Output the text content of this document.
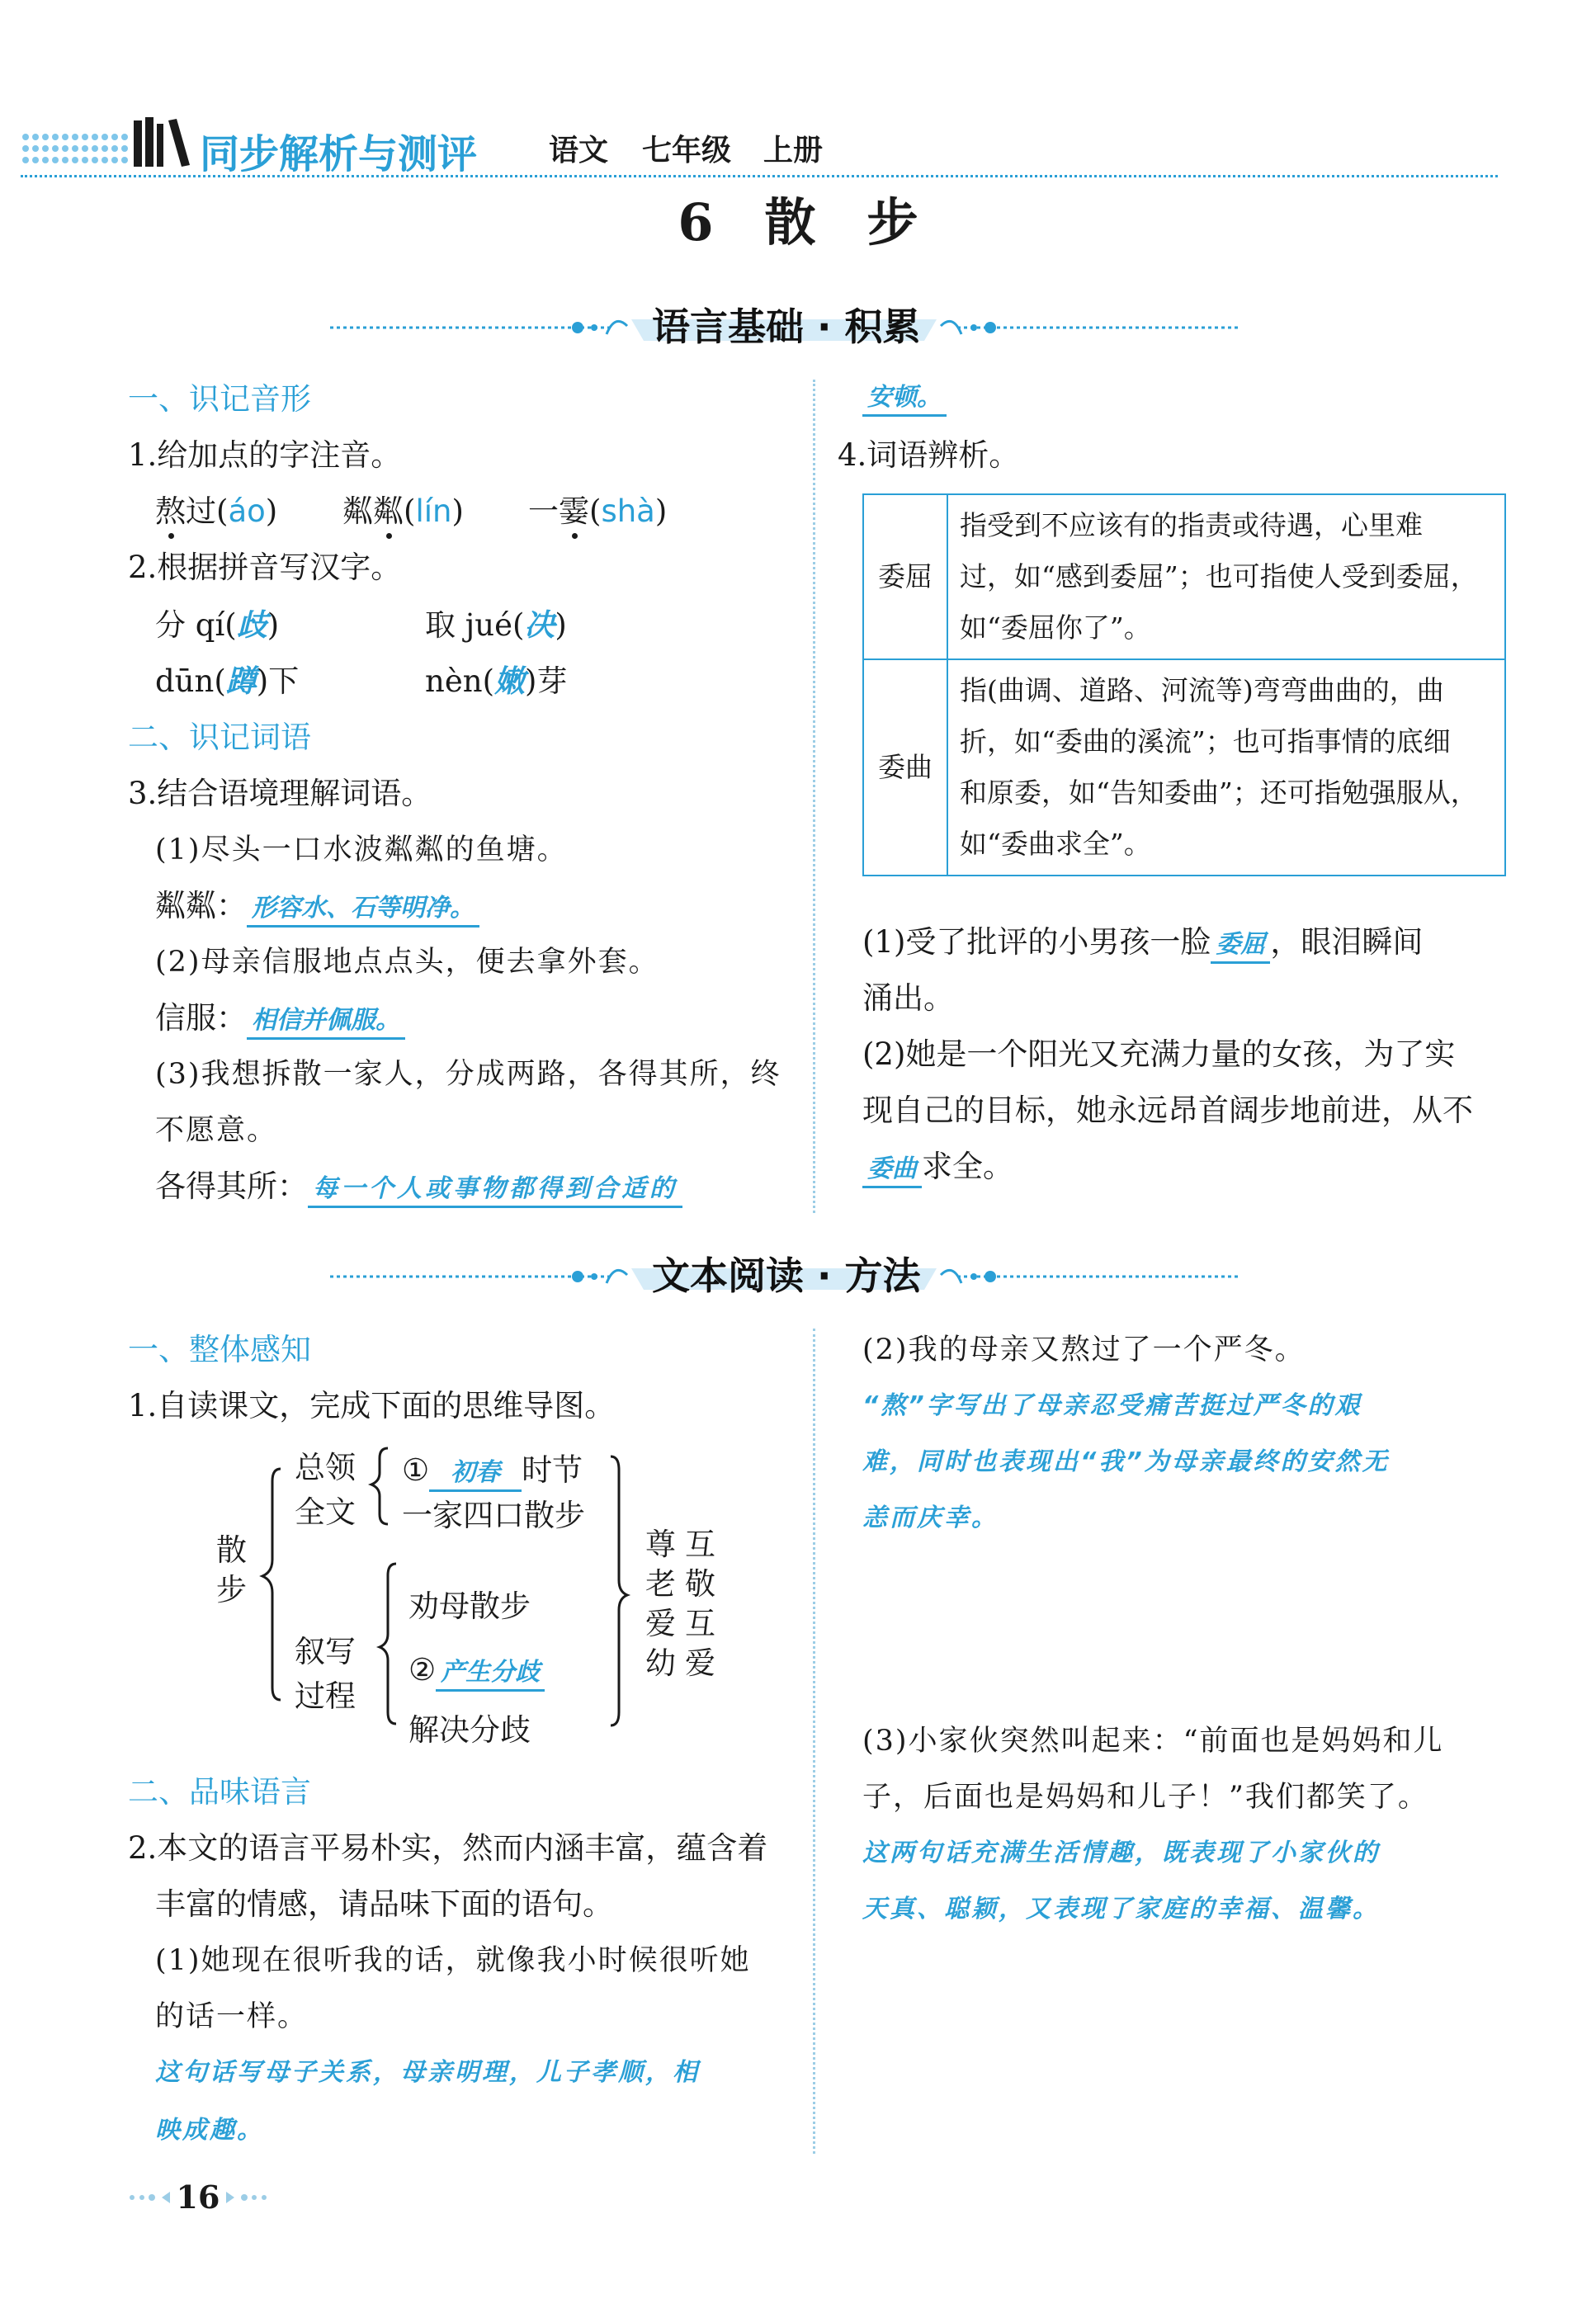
同步解析与测评 语文 七年级 上册
6　散　步
语言基础 · 积累
一、识记音形
1.给加点的字注音。
熬过(áo) 粼粼(lín) 一霎(shà)
2.根据拼音写汉字。
分 qí(歧)	取 jué(决)
dūn(蹲)下	nèn(嫩)芽
二、识记词语
3.结合语境理解词语。
(1)尽头一口水波粼粼的鱼塘。
粼粼： 形容水、石等明净。
(2)母亲信服地点点头，便去拿外套。
信服： 相信并佩服。
(3)我想拆散一家人，分成两路，各得其所，终
不愿意。
各得其所： 每一个人或事物都得到合适的
安顿。
4.词语辨析。
委屈	指受到不应该有的指责或待遇，心里难
过，如“感到委屈”；也可指使人受到委屈，
如“委屈你了”。

委曲	指(曲调、道路、河流等)弯弯曲曲的，曲
折，如“委曲的溪流”；也可指事情的底细
和原委，如“告知委曲”；还可指勉强服从，
如“委曲求全”。
(1)受了批评的小男孩一脸 委屈 ，眼泪瞬间
涌出。
(2)她是一个阳光又充满力量的女孩，为了实
现自己的目标，她永远昂首阔步地前进，从不
委曲 求全。
文本阅读 · 方法
一、整体感知
1.自读课文，完成下面的思维导图。
散步
总领全文
① 初春 时节
一家四口散步
叙写过程
劝母散步
② 产生分歧
解决分歧
尊老爱幼
互敬互爱
二、品味语言
2.本文的语言平易朴实，然而内涵丰富，蕴含着
丰富的情感，请品味下面的语句。
(1)她现在很听我的话，就像我小时候很听她
的话一样。
这句话写母子关系，母亲明理，儿子孝顺，相
映成趣。
(2)我的母亲又熬过了一个严冬。
“熬”字写出了母亲忍受痛苦挺过严冬的艰
难，同时也表现出“我”为母亲最终的安然无
恙而庆幸。
(3)小家伙突然叫起来：“前面也是妈妈和儿
子，后面也是妈妈和儿子！”我们都笑了。
这两句话充满生活情趣，既表现了小家伙的
天真、聪颖，又表现了家庭的幸福、温馨。
16
